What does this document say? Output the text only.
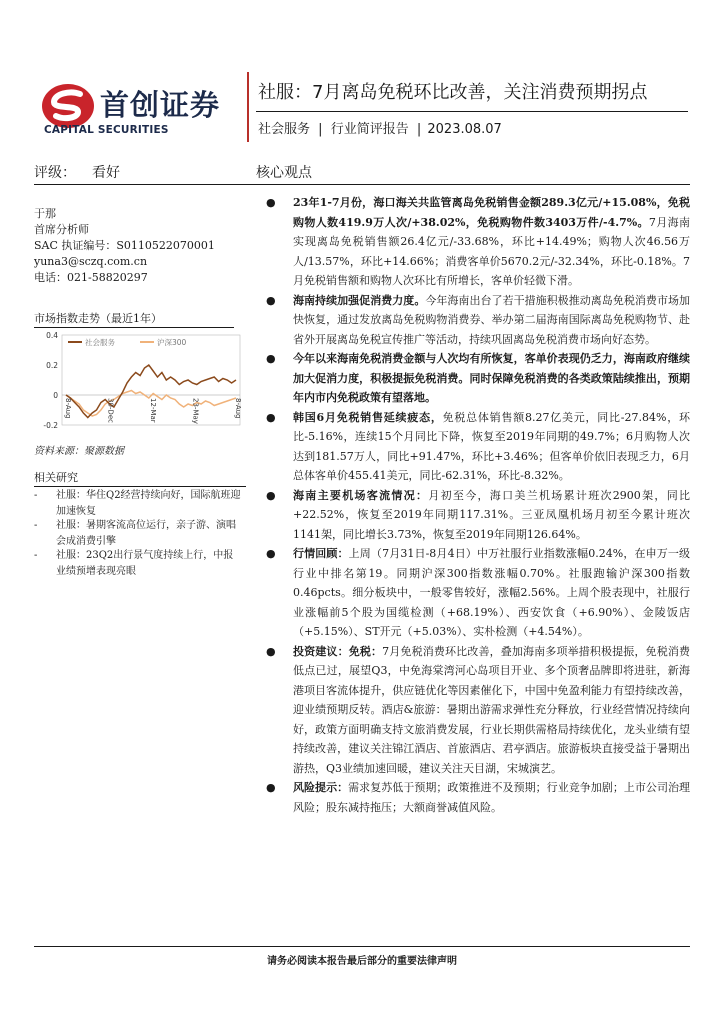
首创证券
CAPITAL SECURITIES
社服：7月离岛免税环比改善，关注消费预期拐点
社会服务 | 行业简评报告 | 2023.08.07
评级： 看好	核心观点
于那
首席分析师
SAC 执证编号：S0110522070001
yuna3@sczq.com.cn
电话：021-58820297
市场指数走势（最近1年）
0.4
0.2
0
-0.2
社会服务	沪深300
8-Aug	30-Dec	12-Mar	23-May	8-Aug
资料来源：聚源数据
相关研究
-	社服：华住Q2经营持续向好，国际航班迎加速恢复
-	社服：暑期客流高位运行，亲子游、演唱会成消费引擎
-	社服：23Q2出行景气度持续上行，中报业绩预增表现亮眼
● 23年1-7月份，海口海关共监管离岛免税销售金额289.3亿元/+15.08%，免税购物人数419.9万人次/+38.02%，免税购物件数3403万件/-4.7%。7月海南实现离岛免税销售额26.4亿元/-33.68%，环比+14.49%；购物人次46.56万人/13.57%，环比+14.66%；消费客单价5670.2元/-32.34%，环比-0.18%。7月免税销售额和购物人次环比有所增长，客单价轻微下滑。
● 海南持续加强促消费力度。今年海南出台了若干措施积极推动离岛免税消费市场加快恢复，通过发放离岛免税购物消费券、举办第二届海南国际离岛免税购物节、赴省外开展离岛免税宣传推广等活动，持续巩固离岛免税消费市场向好态势。
● 今年以来海南免税消费金额与人次均有所恢复，客单价表现仍乏力，海南政府继续加大促消力度，积极提振免税消费。同时保障免税消费的各类政策陆续推出，预期年内市内免税政策有望落地。
● 韩国6月免税销售延续疲态，免税总体销售额8.27亿美元，同比-27.84%，环比-5.16%，连续15个月同比下降，恢复至2019年同期的49.7%；6月购物人次达到181.57万人，同比+91.47%，环比+3.46%；但客单价依旧表现乏力，6月总体客单价455.41美元，同比-62.31%，环比-8.32%。
● 海南主要机场客流情况：月初至今，海口美兰机场累计班次2900架，同比+22.52%，恢复至2019年同期117.31%。三亚凤凰机场月初至今累计班次1141架，同比增长3.73%，恢复至2019年同期126.64%。
● 行情回顾：上周（7月31日-8月4日）中万社服行业指数涨幅0.24%，在申万一级行业中排名第19。同期沪深300指数涨幅0.70%。社服跑输沪深300指数0.46pcts。细分板块中，一般零售较好，涨幅2.56%。上周个股表现中，社服行业涨幅前5个股为国缆检测（+68.19%）、西安饮食（+6.90%）、金陵饭店（+5.15%）、ST开元（+5.03%）、实朴检测（+4.54%）。
● 投资建议：免税：7月免税消费环比改善，叠加海南多项举措积极提振，免税消费低点已过，展望Q3，中免海棠湾河心岛项目开业、多个顶奢品牌即将进驻，新海港项目客流体提升，供应链优化等因素催化下，中国中免盈利能力有望持续改善，迎业绩预期反转。酒店&旅游：暑期出游需求弹性充分释放，行业经营情况持续向好，政策方面明确支持文旅消费发展，行业长期供需格局持续优化，龙头业绩有望持续改善，建议关注锦江酒店、首旅酒店、君亭酒店。旅游板块直接受益于暑期出游热，Q3业绩加速回暖，建议关注天目湖，宋城演艺。
● 风险提示：需求复苏低于预期；政策推进不及预期；行业竞争加剧；上市公司治理风险；股东减持拖压；大额商誉减值风险。
请务必阅读本报告最后部分的重要法律声明
